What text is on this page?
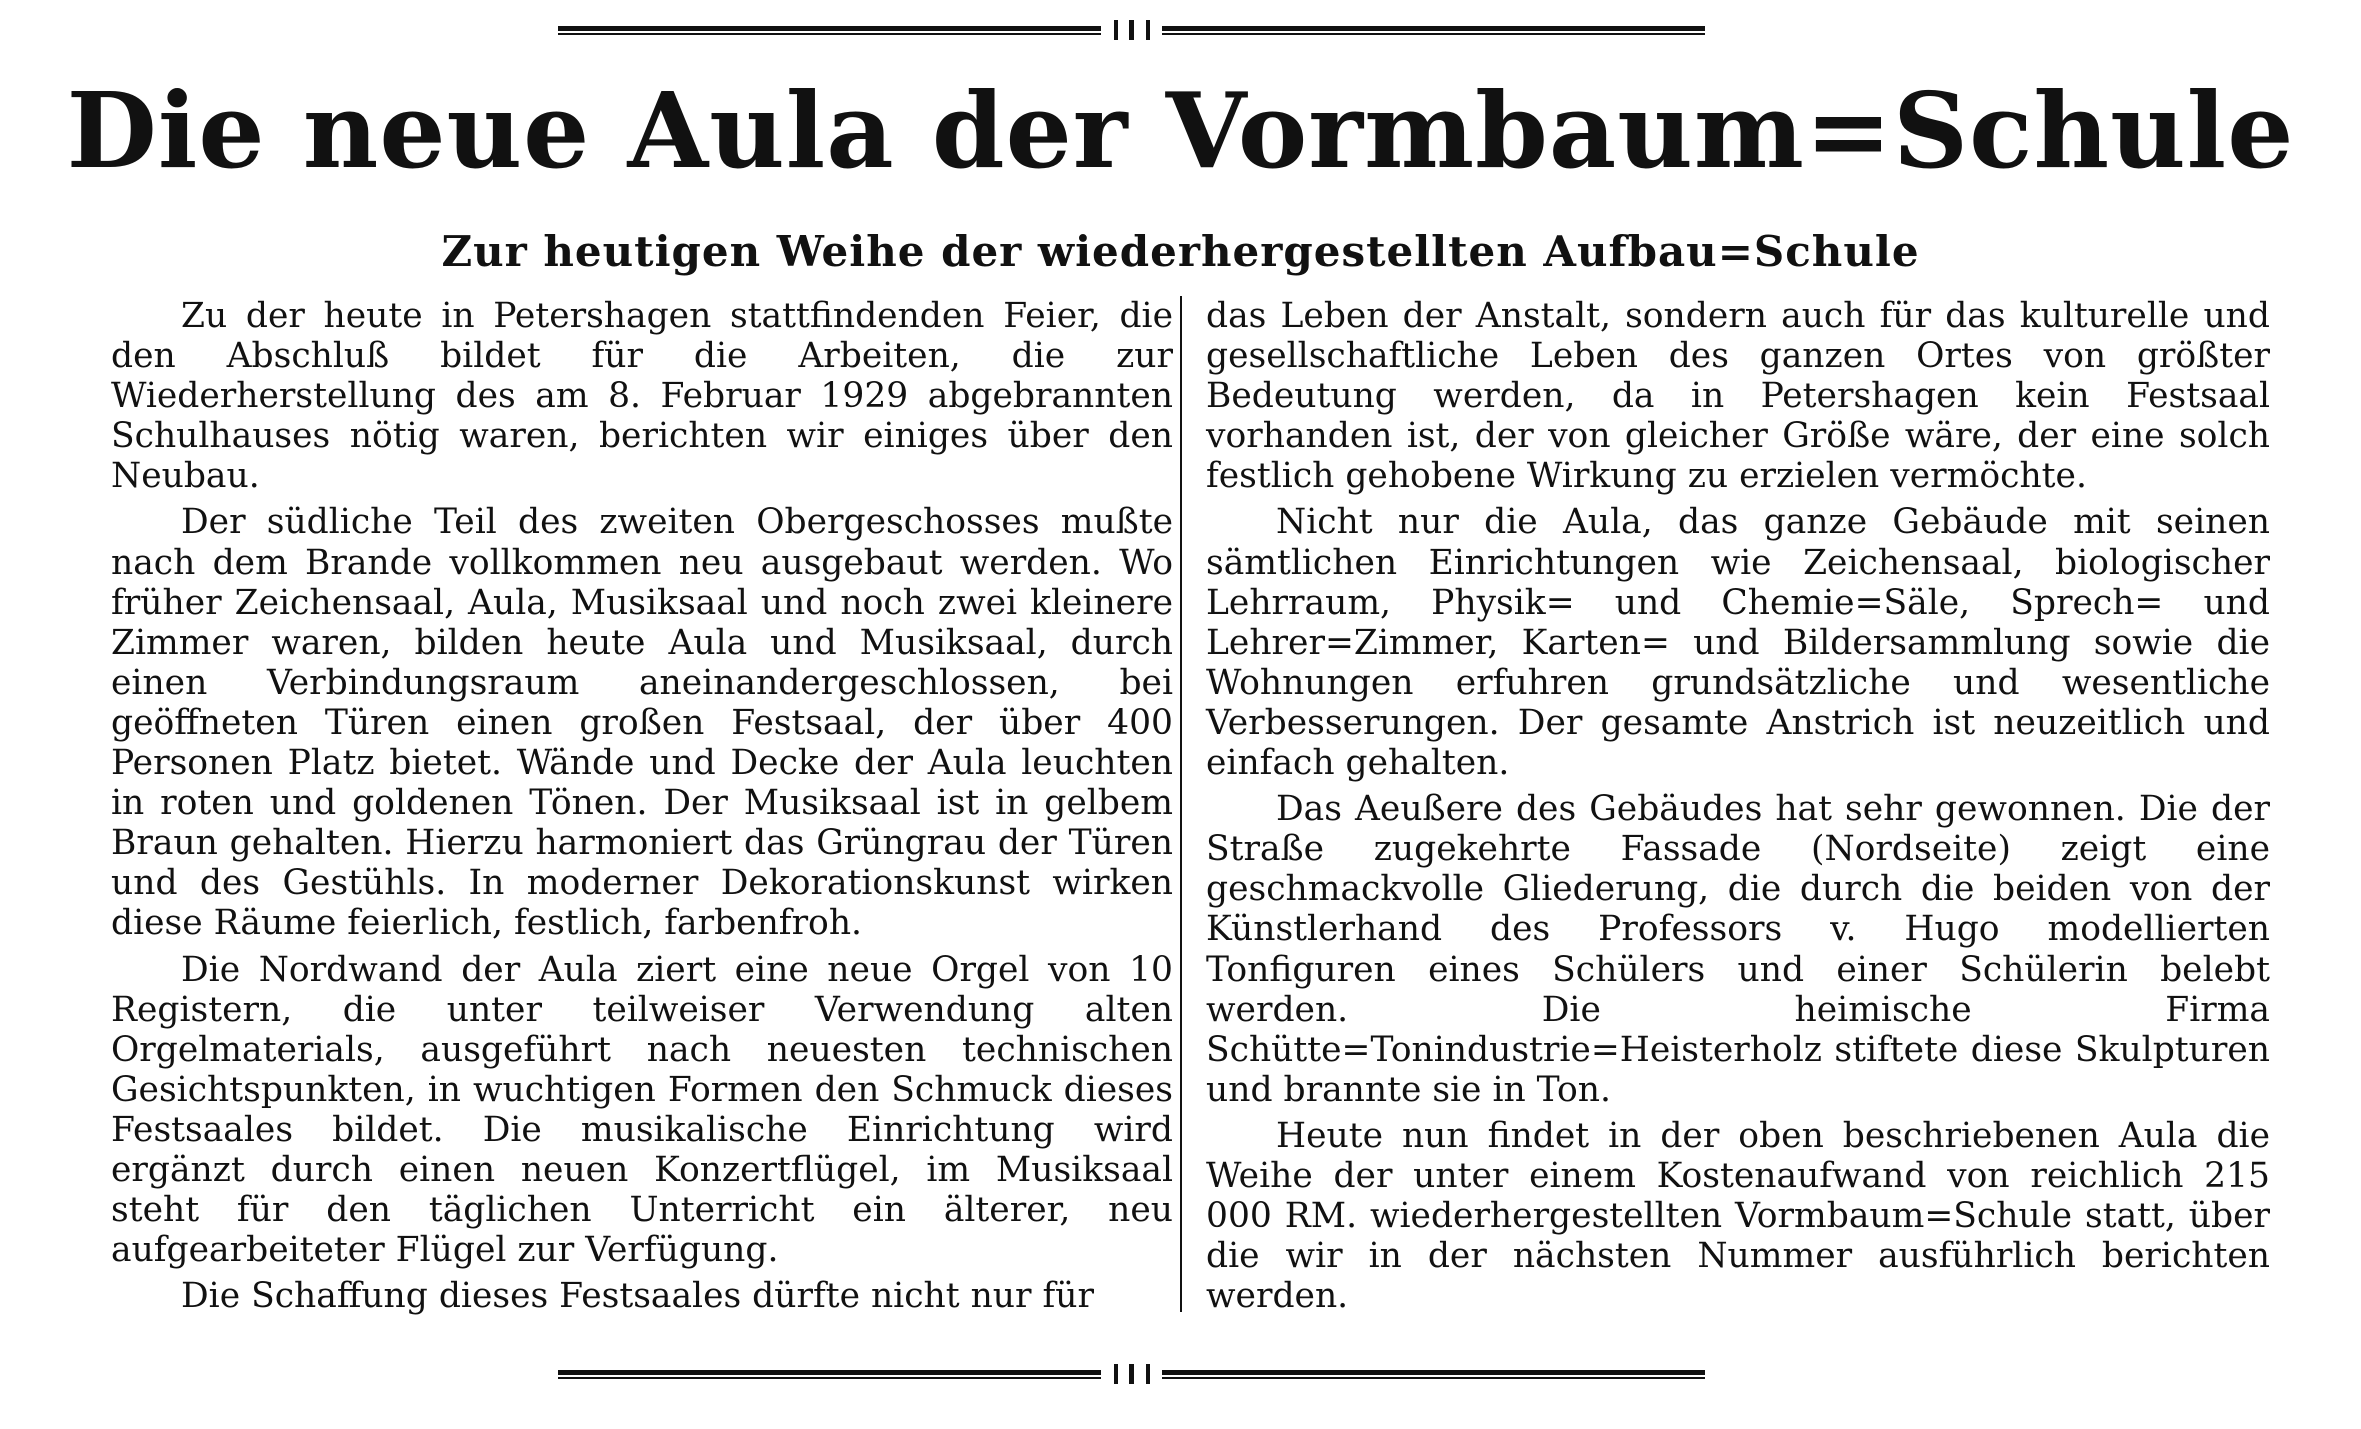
Die neue Aula der Vormbaum=Schule
Zur heutigen Weihe der wiederhergestellten Aufbau=Schule

Zu der heute in Petershagen stattfindenden Feier, die den Abschluß bildet für die Arbeiten, die zur Wiederherstellung des am 8. Februar 1929 abgebrannten Schulhauses nötig waren, berichten wir einiges über den Neubau.

Der südliche Teil des zweiten Obergeschosses mußte nach dem Brande vollkommen neu ausgebaut werden. Wo früher Zeichensaal, Aula, Musiksaal und noch zwei kleinere Zimmer waren, bilden heute Aula und Musiksaal, durch einen Verbindungsraum aneinandergeschlossen, bei geöffneten Türen einen großen Festsaal, der über 400 Personen Platz bietet. Wände und Decke der Aula leuchten in roten und goldenen Tönen. Der Musiksaal ist in gelbem Braun gehalten. Hierzu harmoniert das Grüngrau der Türen und des Gestühls. In moderner Dekorationskunst wirken diese Räume feierlich, festlich, farbenfroh.

Die Nordwand der Aula ziert eine neue Orgel von 10 Registern, die unter teilweiser Verwendung alten Orgelmaterials, ausgeführt nach neuesten technischen Gesichtspunkten, in wuchtigen Formen den Schmuck dieses Festsaales bildet. Die musikalische Einrichtung wird ergänzt durch einen neuen Konzertflügel, im Musiksaal steht für den täglichen Unterricht ein älterer, neu aufgearbeiteter Flügel zur Verfügung.

Die Schaffung dieses Festsaales dürfte nicht nur für

das Leben der Anstalt, sondern auch für das kulturelle und gesellschaftliche Leben des ganzen Ortes von größter Bedeutung werden, da in Petershagen kein Festsaal vorhanden ist, der von gleicher Größe wäre, der eine solch festlich gehobene Wirkung zu erzielen vermöchte.

Nicht nur die Aula, das ganze Gebäude mit seinen sämtlichen Einrichtungen wie Zeichensaal, biologischer Lehrraum, Physik= und Chemie=Säle, Sprech= und Lehrer=Zimmer, Karten= und Bildersammlung sowie die Wohnungen erfuhren grundsätzliche und wesentliche Verbesserungen. Der gesamte Anstrich ist neuzeitlich und einfach gehalten.

Das Aeußere des Gebäudes hat sehr gewonnen. Die der Straße zugekehrte Fassade (Nordseite) zeigt eine geschmackvolle Gliederung, die durch die beiden von der Künstlerhand des Professors v. Hugo modellierten Tonfiguren eines Schülers und einer Schülerin belebt werden. Die heimische Firma Schütte=Tonindustrie=Heisterholz stiftete diese Skulpturen und brannte sie in Ton.

Heute nun findet in der oben beschriebenen Aula die Weihe der unter einem Kostenaufwand von reichlich 215 000 RM. wiederhergestellten Vormbaum=Schule statt, über die wir in der nächsten Nummer ausführlich berichten werden.
